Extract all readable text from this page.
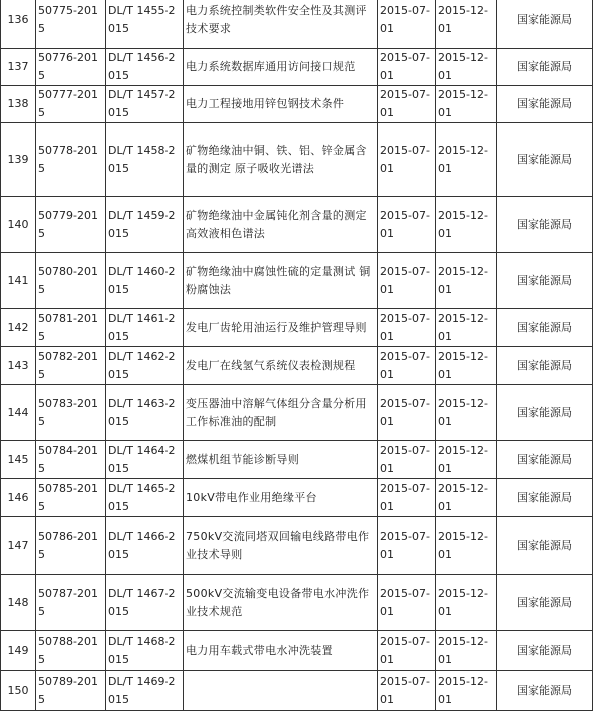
136	50775-2015	DL/T 1455-2015	电力系统控制类软件安全性及其测评技术要求	2015-07-01	2015-12-01	国家能源局
137	50776-2015	DL/T 1456-2015	电力系统数据库通用访问接口规范	2015-07-01	2015-12-01	国家能源局
138	50777-2015	DL/T 1457-2015	电力工程接地用锌包钢技术条件	2015-07-01	2015-12-01	国家能源局
139	50778-2015	DL/T 1458-2015	矿物绝缘油中铜、铁、铝、锌金属含量的测定 原子吸收光谱法	2015-07-01	2015-12-01	国家能源局
140	50779-2015	DL/T 1459-2015	矿物绝缘油中金属钝化剂含量的测定 高效液相色谱法	2015-07-01	2015-12-01	国家能源局
141	50780-2015	DL/T 1460-2015	矿物绝缘油中腐蚀性硫的定量测试 铜粉腐蚀法	2015-07-01	2015-12-01	国家能源局
142	50781-2015	DL/T 1461-2015	发电厂齿轮用油运行及维护管理导则	2015-07-01	2015-12-01	国家能源局
143	50782-2015	DL/T 1462-2015	发电厂在线氢气系统仪表检测规程	2015-07-01	2015-12-01	国家能源局
144	50783-2015	DL/T 1463-2015	变压器油中溶解气体组分含量分析用工作标准油的配制	2015-07-01	2015-12-01	国家能源局
145	50784-2015	DL/T 1464-2015	燃煤机组节能诊断导则	2015-07-01	2015-12-01	国家能源局
146	50785-2015	DL/T 1465-2015	10kV带电作业用绝缘平台	2015-07-01	2015-12-01	国家能源局
147	50786-2015	DL/T 1466-2015	750kV交流同塔双回输电线路带电作业技术导则	2015-07-01	2015-12-01	国家能源局
148	50787-2015	DL/T 1467-2015	500kV交流输变电设备带电水冲洗作业技术规范	2015-07-01	2015-12-01	国家能源局
149	50788-2015	DL/T 1468-2015	电力用车载式带电水冲洗装置	2015-07-01	2015-12-01	国家能源局
150	50789-2015	DL/T 1469-2015		2015-07-01	2015-12-01	国家能源局
